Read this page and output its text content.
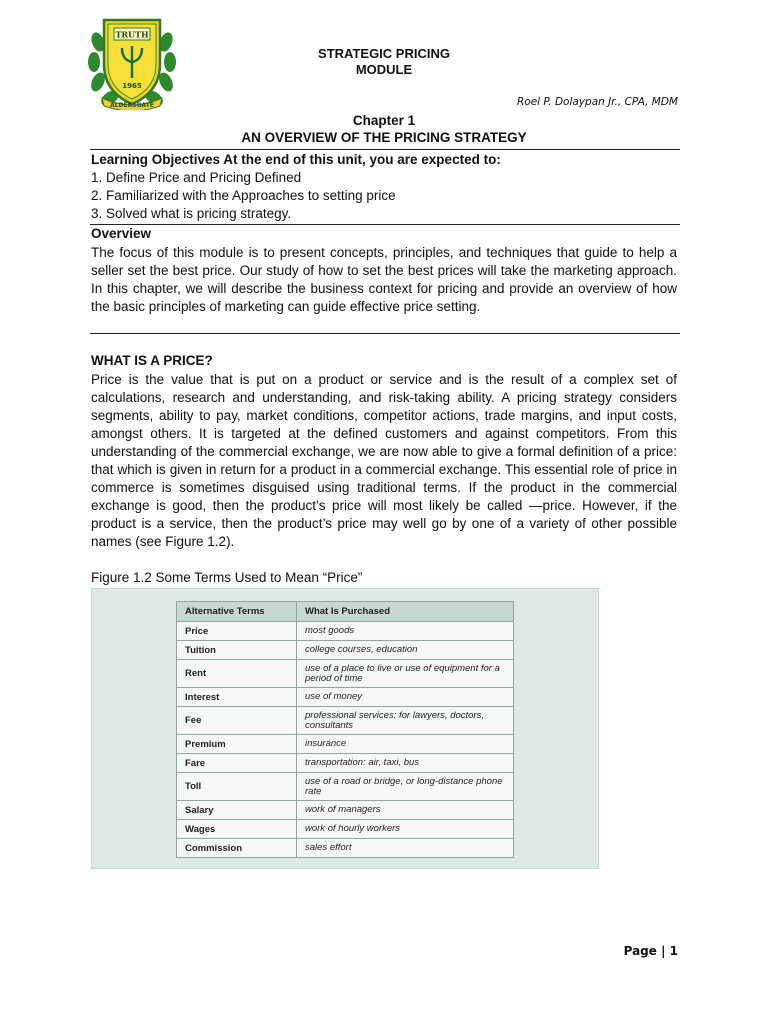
TRUTH
1965
ALDERSGATE
STRATEGIC PRICING
MODULE
Roel P. Dolaypan Jr., CPA, MDM
Chapter 1
AN OVERVIEW OF THE PRICING STRATEGY
Learning Objectives At the end of this unit, you are expected to:
1. Define Price and Pricing Defined
2. Familiarized with the Approaches to setting price
3. Solved what is pricing strategy.
Overview
The focus of this module is to present concepts, principles, and techniques that guide to help a seller set the best price. Our study of how to set the best prices will take the marketing approach. In this chapter, we will describe the business context for pricing and provide an overview of how the basic principles of marketing can guide effective price setting.
WHAT IS A PRICE?
Price is the value that is put on a product or service and is the result of a complex set of calculations, research and understanding, and risk-taking ability. A pricing strategy considers segments, ability to pay, market conditions, competitor actions, trade margins, and input costs, amongst others. It is targeted at the defined customers and against competitors. From this understanding of the commercial exchange, we are now able to give a formal definition of a price: that which is given in return for a product in a commercial exchange. This essential role of price in commerce is sometimes disguised using traditional terms. If the product in the commercial exchange is good, then the product’s price will most likely be called —price. However, if the product is a service, then the product’s price may well go by one of a variety of other possible names (see Figure 1.2).
Figure 1.2 Some Terms Used to Mean “Price”
Alternative Terms	What Is Purchased
Price	most goods
Tuition	college courses, education
Rent	use of a place to live or use of equipment for a period of time
Interest	use of money
Fee	professional services: for lawyers, doctors, consultants
Premium	insurance
Fare	transportation: air, taxi, bus
Toll	use of a road or bridge, or long-distance phone rate
Salary	work of managers
Wages	work of hourly workers
Commission	sales effort
Page | 1
